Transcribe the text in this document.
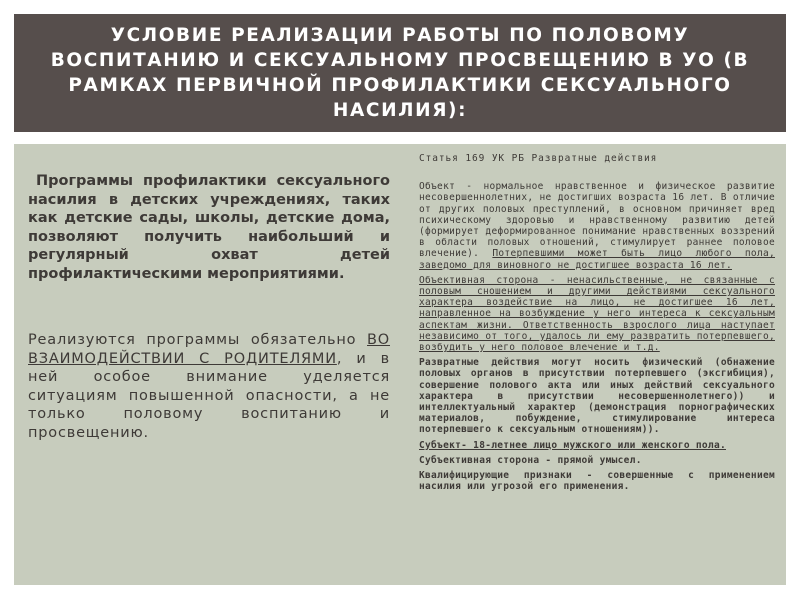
УСЛОВИЕ РЕАЛИЗАЦИИ РАБОТЫ ПО ПОЛОВОМУ ВОСПИТАНИЮ И СЕКСУАЛЬНОМУ ПРОСВЕЩЕНИЮ В УО (В РАМКАХ ПЕРВИЧНОЙ ПРОФИЛАКТИКИ СЕКСУАЛЬНОГО НАСИЛИЯ):

Программы профилактики сексуального насилия в детских учреждениях, таких как детские сады, школы, детские дома, позволяют получить наибольший и регулярный охват детей профилактическими мероприятиями.

Реализуются программы обязательно ВО ВЗАИМОДЕЙСТВИИ С РОДИТЕЛЯМИ, и в ней особое внимание уделяется ситуациям повышенной опасности, а не только половому воспитанию и просвещению.

Статья 169 УК РБ Развратные действия

Объект - нормальное нравственное и физическое развитие несовершеннолетних, не достигших возраста 16 лет. В отличие от других половых преступлений, в основном причиняет вред психическому здоровью и нравственному развитию детей (формирует деформированное понимание нравственных воззрений в области половых отношений, стимулирует раннее половое влечение). Потерпевшими может быть лицо любого пола, заведомо для виновного не достигшее возраста 16 лет.

Объективная сторона - ненасильственные, не связанные с половым сношением и другими действиями сексуального характера воздействие на лицо, не достигшее 16 лет, направленное на возбуждение у него интереса к сексуальным аспектам жизни. Ответственность взрослого лица наступает независимо от того, удалось ли ему развратить потерпевшего, возбудить у него половое влечение и т.д.

Развратные действия могут носить физический (обнажение половых органов в присутствии потерпевшего (эксгибиция), совершение полового акта или иных действий сексуального характера в присутствии несовершеннолетнего)) и интеллектуальный характер (демонстрация порнографических материалов, побуждение, стимулирование интереса потерпевшего к сексуальным отношениям)).

Субъект- 18-летнее лицо мужского или женского пола.

Субъективная сторона - прямой умысел.

Квалифицирующие признаки - совершенные с применением насилия или угрозой его применения.
